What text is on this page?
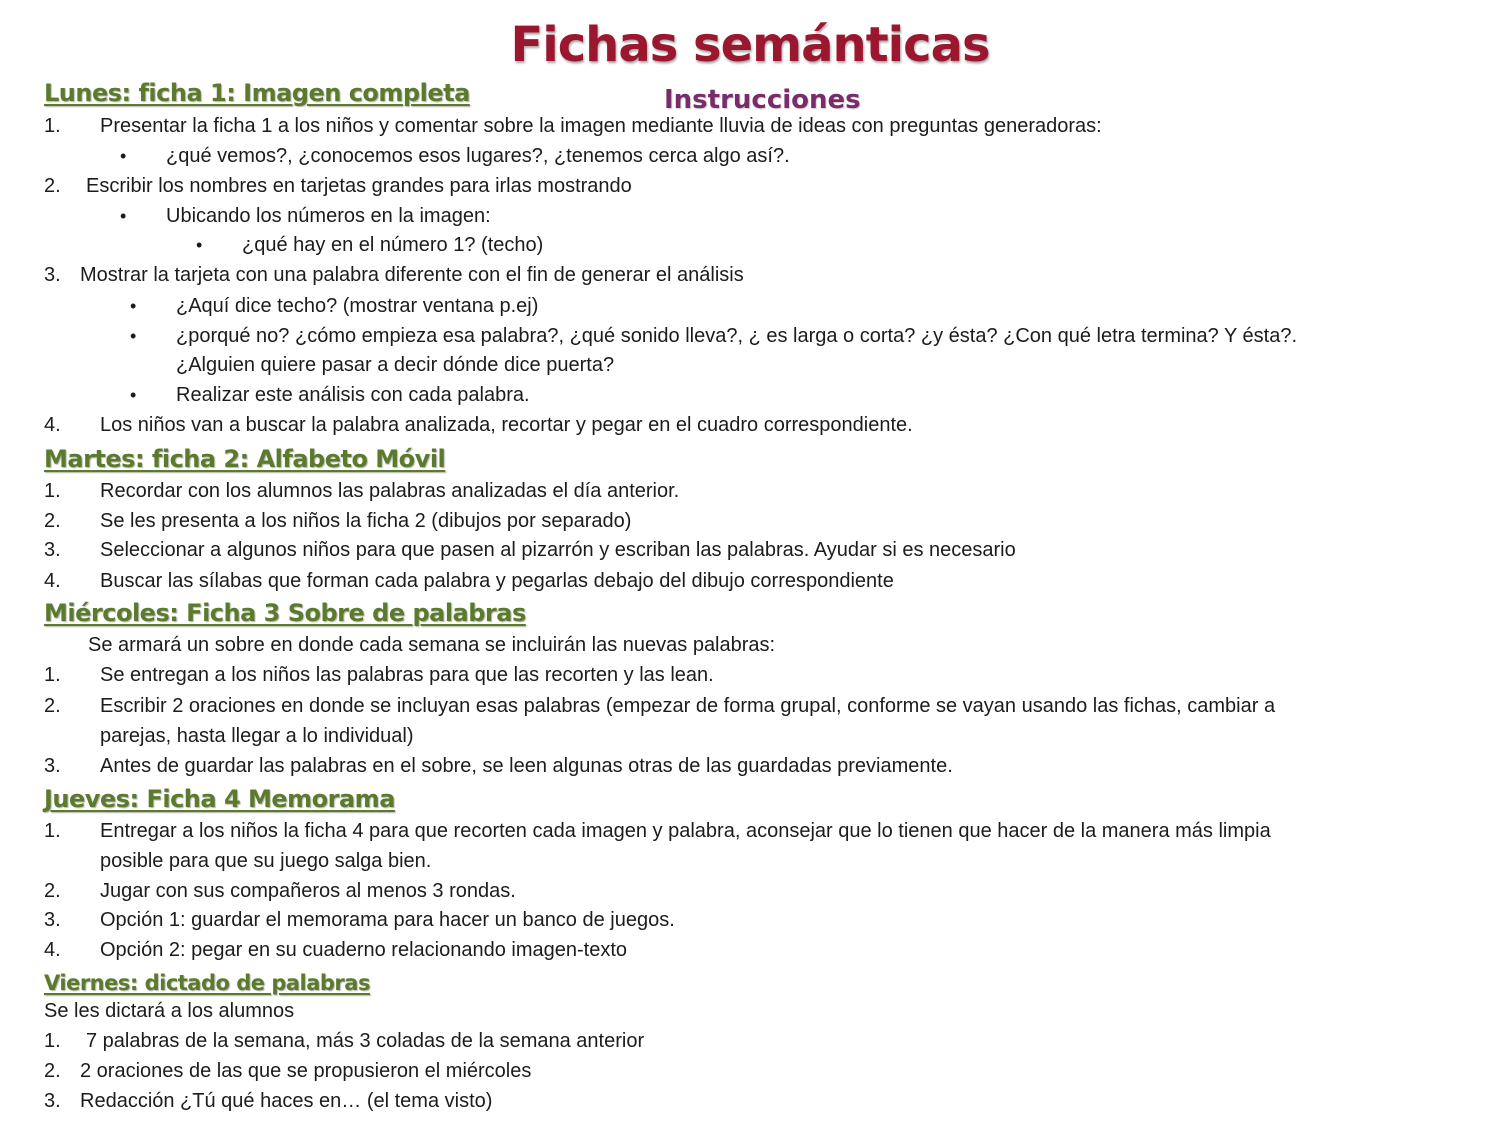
Fichas semánticas
Instrucciones
Lunes: ficha 1: Imagen completa
1. Presentar la ficha 1 a los niños y comentar sobre la imagen mediante lluvia de ideas con preguntas generadoras:
• ¿qué vemos?, ¿conocemos esos lugares?, ¿tenemos cerca algo así?.
2. Escribir los nombres en tarjetas grandes para irlas mostrando
• Ubicando los números en la imagen:
• ¿qué hay en el número 1? (techo)
3. Mostrar la tarjeta con una palabra diferente con el fin de generar el análisis
• ¿Aquí dice techo? (mostrar ventana p.ej)
• ¿porqué no? ¿cómo empieza esa palabra?, ¿qué sonido lleva?, ¿ es larga o corta? ¿y ésta? ¿Con qué letra termina? Y ésta?.
¿Alguien quiere pasar a decir dónde dice puerta?
• Realizar este análisis con cada palabra.
4. Los niños van a buscar la palabra analizada, recortar y pegar en el cuadro correspondiente.
Martes: ficha 2: Alfabeto Móvil
1. Recordar con los alumnos las palabras analizadas el día anterior.
2. Se les presenta a los niños la ficha 2 (dibujos por separado)
3. Seleccionar a algunos niños para que pasen al pizarrón y escriban las palabras. Ayudar si es necesario
4. Buscar las sílabas que forman cada palabra y pegarlas debajo del dibujo correspondiente
Miércoles: Ficha 3 Sobre de palabras
Se armará un sobre en donde cada semana se incluirán las nuevas palabras:
1. Se entregan a los niños las palabras para que las recorten y las lean.
2. Escribir 2 oraciones en donde se incluyan esas palabras (empezar de forma grupal, conforme se vayan usando las fichas, cambiar a
parejas, hasta llegar a lo individual)
3. Antes de guardar las palabras en el sobre, se leen algunas otras de las guardadas previamente.
Jueves: Ficha 4 Memorama
1. Entregar a los niños la ficha 4 para que recorten cada imagen y palabra, aconsejar que lo tienen que hacer de la manera más limpia
posible para que su juego salga bien.
2. Jugar con sus compañeros al menos 3 rondas.
3. Opción 1: guardar el memorama para hacer un banco de juegos.
4. Opción 2: pegar en su cuaderno relacionando imagen-texto
Viernes: dictado de palabras
Se les dictará a los alumnos
1. 7 palabras de la semana, más 3 coladas de la semana anterior
2. 2 oraciones de las que se propusieron el miércoles
3. Redacción ¿Tú qué haces en… (el tema visto)
